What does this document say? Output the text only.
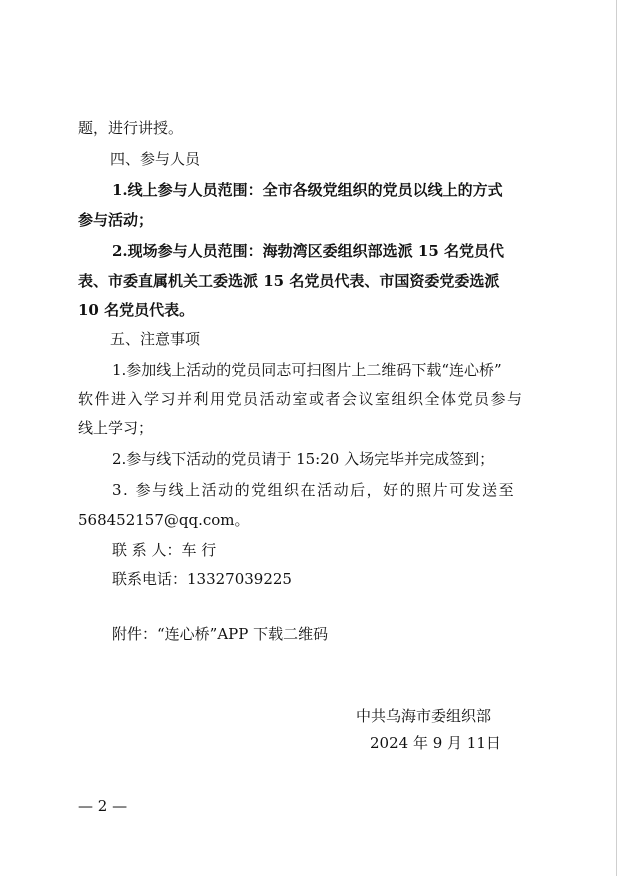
题，进行讲授。
四、参与人员
1.线上参与人员范围：全市各级党组织的党员以线上的方式
参与活动；
2.现场参与人员范围：海勃湾区委组织部选派 15 名党员代
表、市委直属机关工委选派 15 名党员代表、市国资委党委选派
10 名党员代表。
五、注意事项
1.参加线上活动的党员同志可扫图片上二维码下载“连心桥”
软件进入学习并利用党员活动室或者会议室组织全体党员参与
线上学习；
2.参与线下活动的党员请于 15:20 入场完毕并完成签到；
3. 参与线上活动的党组织在活动后，好的照片可发送至
568452157@qq.com。
联 系 人：车 行
联系电话：13327039225
附件：“连心桥”APP 下载二维码
中共乌海市委组织部
2024 年 9 月 11日
— 2 —
